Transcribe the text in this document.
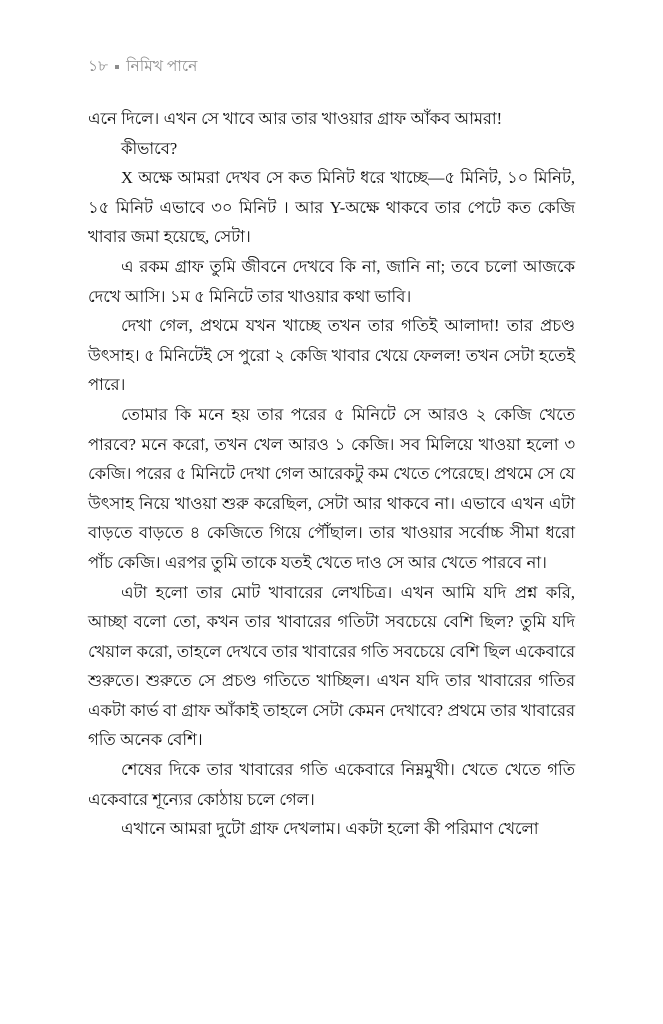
১৮ নিমিখ পানে

এনে দিলে। এখন সে খাবে আর তার খাওয়ার গ্রাফ আঁকব আমরা!

কীভাবে?

X অক্ষে আমরা দেখব সে কত মিনিট ধরে খাচ্ছে—৫ মিনিট, ১০ মিনিট, ১৫ মিনিট এভাবে ৩০ মিনিট । আর Y-অক্ষে থাকবে তার পেটে কত কেজি খাবার জমা হয়েছে, সেটা।

এ রকম গ্রাফ তুমি জীবনে দেখবে কি না, জানি না; তবে চলো আজকে দেখে আসি। ১ম ৫ মিনিটে তার খাওয়ার কথা ভাবি।

দেখা গেল, প্রথমে যখন খাচ্ছে তখন তার গতিই আলাদা! তার প্রচণ্ড উৎসাহ। ৫ মিনিটেই সে পুরো ২ কেজি খাবার খেয়ে ফেলল! তখন সেটা হতেই পারে।

তোমার কি মনে হয় তার পরের ৫ মিনিটে সে আরও ২ কেজি খেতে পারবে? মনে করো, তখন খেল আরও ১ কেজি। সব মিলিয়ে খাওয়া হলো ৩ কেজি। পরের ৫ মিনিটে দেখা গেল আরেকটু কম খেতে পেরেছে। প্রথমে সে যে উৎসাহ নিয়ে খাওয়া শুরু করেছিল, সেটা আর থাকবে না। এভাবে এখন এটা বাড়তে বাড়তে ৪ কেজিতে গিয়ে পৌঁছাল। তার খাওয়ার সর্বোচ্চ সীমা ধরো পাঁচ কেজি। এরপর তুমি তাকে যতই খেতে দাও সে আর খেতে পারবে না।

এটা হলো তার মোট খাবারের লেখচিত্র। এখন আমি যদি প্রশ্ন করি, আচ্ছা বলো তো, কখন তার খাবারের গতিটা সবচেয়ে বেশি ছিল? তুমি যদি খেয়াল করো, তাহলে দেখবে তার খাবারের গতি সবচেয়ে বেশি ছিল একেবারে শুরুতে। শুরুতে সে প্রচণ্ড গতিতে খাচ্ছিল। এখন যদি তার খাবারের গতির একটা কার্ভ বা গ্রাফ আঁকাই তাহলে সেটা কেমন দেখাবে? প্রথমে তার খাবারের গতি অনেক বেশি।

শেষের দিকে তার খাবারের গতি একেবারে নিম্নমুখী। খেতে খেতে গতি একেবারে শূন্যের কোঠায় চলে গেল।

এখানে আমরা দুটো গ্রাফ দেখলাম। একটা হলো কী পরিমাণ খেলো
